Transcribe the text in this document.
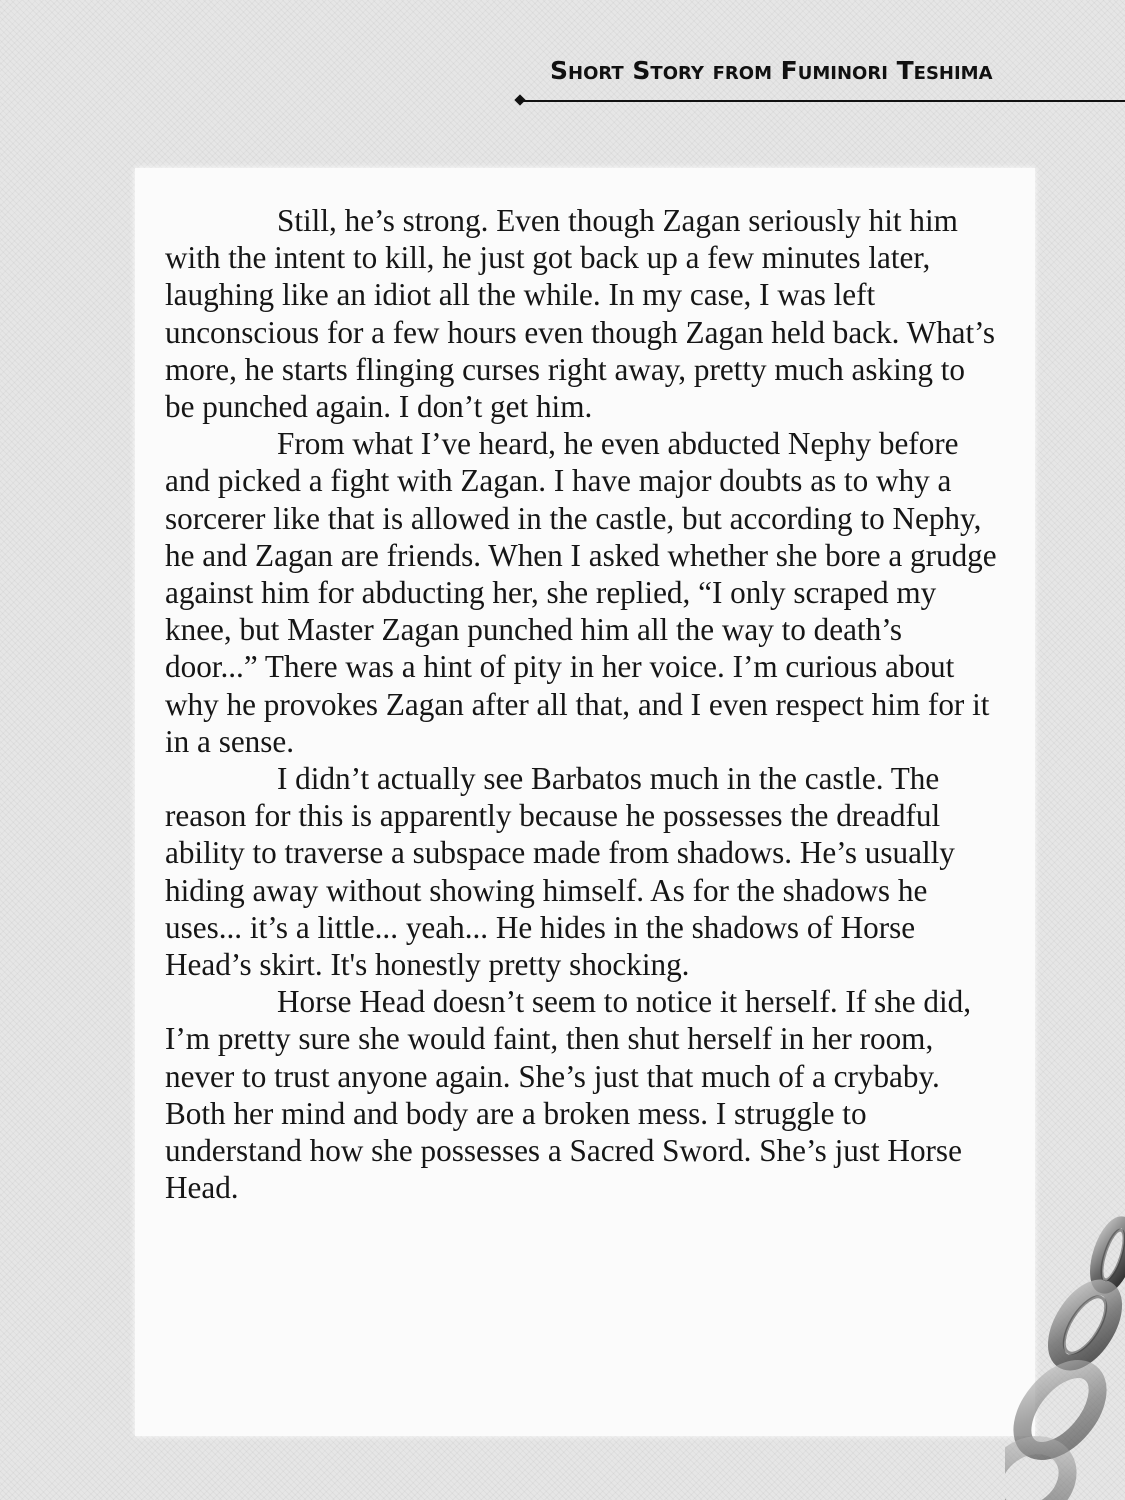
Short Story from Fuminori Teshima

Still, he’s strong. Even though Zagan seriously hit him with the intent to kill, he just got back up a few minutes later, laughing like an idiot all the while. In my case, I was left unconscious for a few hours even though Zagan held back. What’s more, he starts flinging curses right away, pretty much asking to be punched again. I don’t get him.

From what I’ve heard, he even abducted Nephy before and picked a fight with Zagan. I have major doubts as to why a sorcerer like that is allowed in the castle, but according to Nephy, he and Zagan are friends. When I asked whether she bore a grudge against him for abducting her, she replied, “I only scraped my knee, but Master Zagan punched him all the way to death’s door...” There was a hint of pity in her voice. I’m curious about why he provokes Zagan after all that, and I even respect him for it in a sense.

I didn’t actually see Barbatos much in the castle. The reason for this is apparently because he possesses the dreadful ability to traverse a subspace made from shadows. He’s usually hiding away without showing himself. As for the shadows he uses... it’s a little... yeah... He hides in the shadows of Horse Head’s skirt. It's honestly pretty shocking.

Horse Head doesn’t seem to notice it herself. If she did, I’m pretty sure she would faint, then shut herself in her room, never to trust anyone again. She’s just that much of a crybaby. Both her mind and body are a broken mess. I struggle to understand how she possesses a Sacred Sword. She’s just Horse Head.
